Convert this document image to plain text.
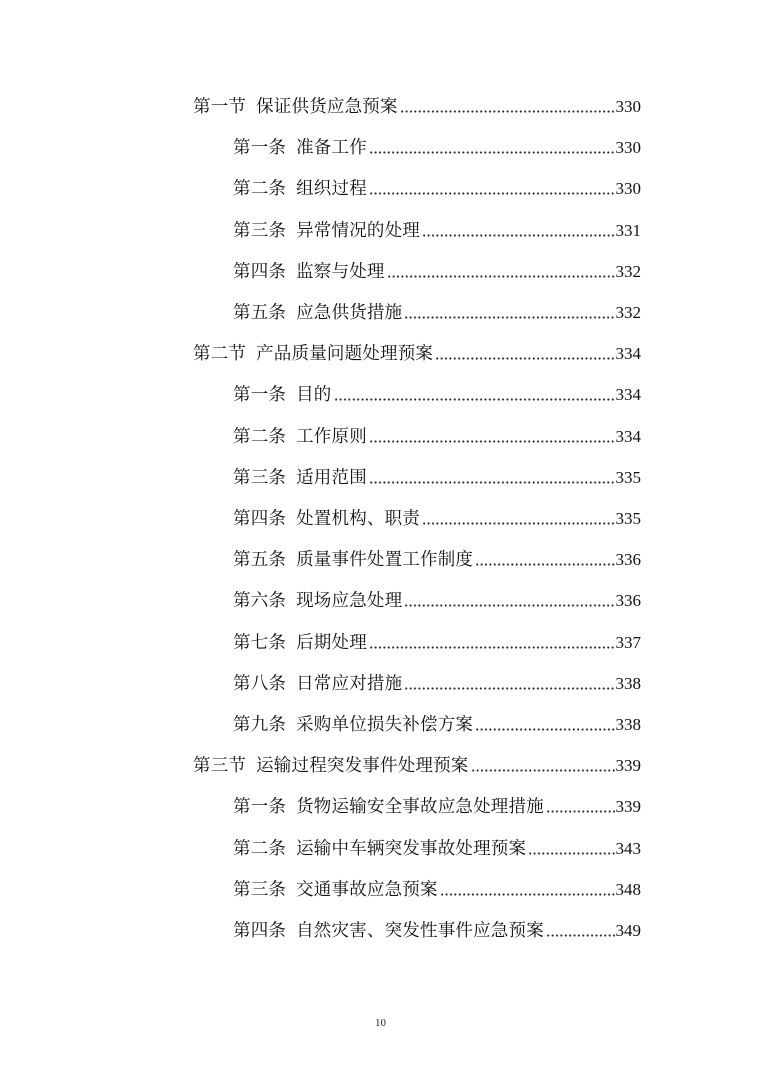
第一节 保证供货应急预案	330
第一条 准备工作	330
第二条 组织过程	330
第三条 异常情况的处理	331
第四条 监察与处理	332
第五条 应急供货措施	332
第二节 产品质量问题处理预案	334
第一条 目的	334
第二条 工作原则	334
第三条 适用范围	335
第四条 处置机构、职责	335
第五条 质量事件处置工作制度	336
第六条 现场应急处理	336
第七条 后期处理	337
第八条 日常应对措施	338
第九条 采购单位损失补偿方案	338
第三节 运输过程突发事件处理预案	339
第一条 货物运输安全事故应急处理措施	339
第二条 运输中车辆突发事故处理预案	343
第三条 交通事故应急预案	348
第四条 自然灾害、突发性事件应急预案	349
10
